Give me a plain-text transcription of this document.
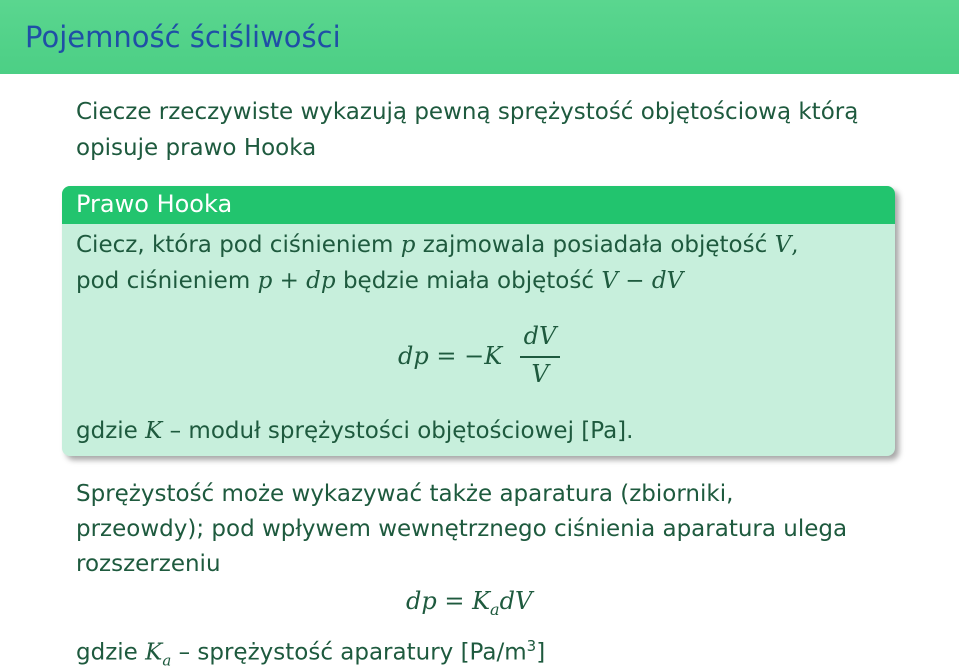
Pojemność ściśliwości
Ciecze rzeczywiste wykazują pewną sprężystość objętościową którą
opisuje prawo Hooka
Prawo Hooka
Ciecz, która pod ciśnieniem p zajmowala posiadała objętość V,
pod ciśnieniem p + dp będzie miała objętość V − dV
dp = −K
dV
V
gdzie K – moduł sprężystości objętościowej [Pa].
Sprężystość może wykazywać także aparatura (zbiorniki,
przeowdy); pod wpływem wewnętrznego ciśnienia aparatura ulega
rozszerzeniu
dp = $K_adV$
gdzie $K_a$ – sprężystość aparatury $[Pa/m^3]$
